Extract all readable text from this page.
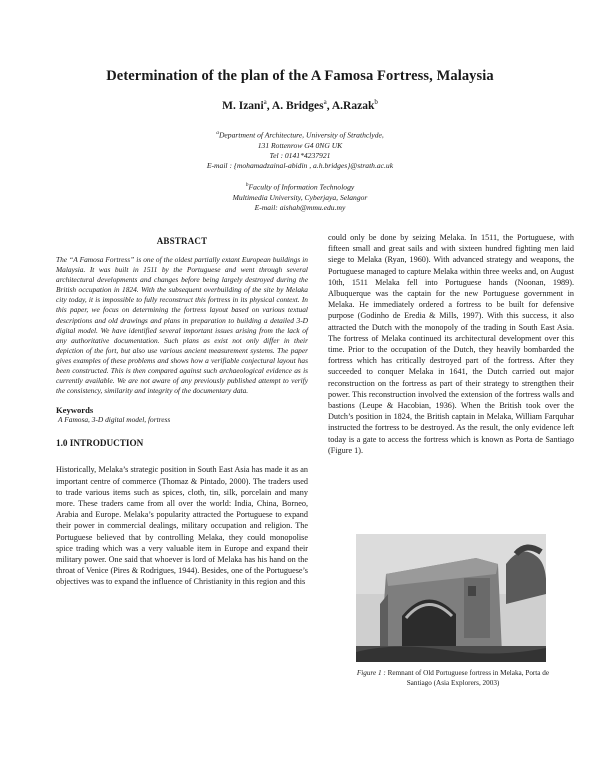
Determination of the plan of the A Famosa Fortress, Malaysia
M. Izani$^a$, A. Bridges$^a$, A.Razak$^b$
$^a$Department of Architecture, University of Strathclyde,
131 Rottenrow G4 0NG UK
Tel : 0141*4237921
E-mail : {mohamadzainal-abidin , a.h.bridges}@strath.ac.uk
$^b$Faculty of Information Technology
Multimedia University, Cyberjaya, Selangor
E-mail: aishah@mmu.edu.my
ABSTRACT

The “A Famosa Fortress” is one of the oldest partially extant European buildings in Malaysia. It was built in 1511 by the Portuguese and went through several architectural developments and changes before being largely destroyed during the British occupation in 1824. With the subsequent overbuilding of the site by Melaka city today, it is impossible to fully reconstruct this fortress in its physical context. In this paper, we focus on determining the fortress layout based on various textual descriptions and old drawings and plans in preparation to building a detailed 3-D digital model. We have identified several important issues arising from the lack of any authoritative documentation. Such plans as exist not only differ in their depiction of the fort, but also use various ancient measurement systems. The paper gives examples of these problems and shows how a verifiable conjectural layout has been constructed. This is then compared against such archaeological evidence as is currently available. We are not aware of any previously published attempt to verify the consistency, similarity and integrity of the documentary data.

Keywords
A Famosa, 3-D digital model, fortress
1.0 INTRODUCTION

Historically, Melaka’s strategic position in South East Asia has made it as an important centre of commerce (Thomaz & Pintado, 2000). The traders used to trade various items such as spices, cloth, tin, silk, porcelain and many more. These traders came from all over the world: India, China, Borneo, Arabia and Europe. Melaka’s popularity attracted the Portuguese to expand their power in commercial dealings, military occupation and religion. The Portuguese believed that by controlling Melaka, they could monopolise spice trading which was a very valuable item in Europe and expand their military power. One said that whoever is lord of Melaka has his hand on the throat of Venice (Pires & Rodrigues, 1944). Besides, one of the Portuguese’s objectives was to expand the influence of Christianity in this region and this

could only be done by seizing Melaka. In 1511, the Portuguese, with fifteen small and great sails and with sixteen hundred fighting men laid siege to Melaka (Ryan, 1960). With advanced strategy and weapons, the Portuguese managed to capture Melaka within three weeks and, on August 10th, 1511 Melaka fell into Portuguese hands (Noonan, 1989). Albuquerque was the captain for the new Portuguese government in Melaka. He immediately ordered a fortress to be built for defensive purpose (Godinho de Eredia & Mills, 1997). With this success, it also attracted the Dutch with the monopoly of the trading in South East Asia. The fortress of Melaka continued its architectural development over this time. Prior to the occupation of the Dutch, they heavily bombarded the fortress which has critically destroyed part of the fortress. After they succeeded to conquer Melaka in 1641, the Dutch carried out major reconstruction on the fortress as part of their strategy to strengthen their power. This reconstruction involved the extension of the fortress walls and bastions (Leupe & Hacobian, 1936). When the British took over the Dutch’s position in 1824, the British captain in Melaka, William Farquhar instructed the fortress to be destroyed. As the result, the only evidence left today is a gate to access the fortress which is known as Porta de Santiago (Figure 1).

Figure 1 : Remnant of Old Portuguese fortress in Melaka, Porta de Santiago (Asia Explorers, 2003)
